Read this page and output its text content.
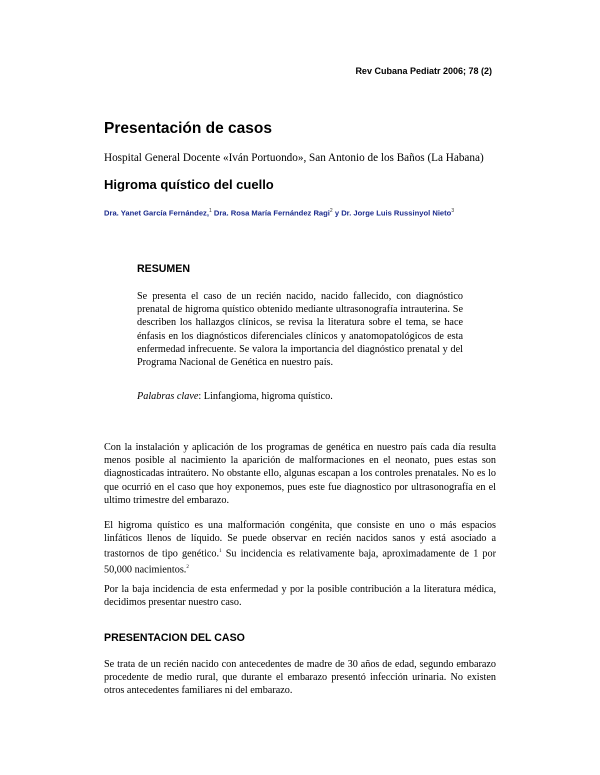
Rev Cubana Pediatr 2006; 78 (2)
Presentación de casos
Hospital General Docente «Iván Portuondo», San Antonio de los Baños (La Habana)
Higroma quístico del cuello
Dra. Yanet García Fernández,$^1$ Dra. Rosa María Fernández Ragi$^2$ y Dr. Jorge Luis Russinyol Nieto$^3$
RESUMEN

Se presenta el caso de un recién nacido, nacido fallecido, con diagnóstico prenatal de higroma quístico obtenido mediante ultrasonografía intrauterina. Se describen los hallazgos clínicos, se revisa la literatura sobre el tema, se hace énfasis en los diagnósticos diferenciales clínicos y anatomopatológicos de esta enfermedad infrecuente. Se valora la importancia del diagnóstico prenatal y del Programa Nacional de Genética en nuestro país.

Palabras clave: Linfangioma, higroma quístico.

Con la instalación y aplicación de los programas de genética en nuestro país cada día resulta menos posible al nacimiento la aparición de malformaciones en el neonato, pues estas son diagnosticadas intraútero. No obstante ello, algunas escapan a los controles prenatales. No es lo que ocurrió en el caso que hoy exponemos, pues este fue diagnostico por ultrasonografía en el ultimo trimestre del embarazo.

El higroma quístico es una malformación congénita, que consiste en uno o más espacios linfáticos llenos de líquido. Se puede observar en recién nacidos sanos y está asociado a trastornos de tipo genético.$^1$ Su incidencia es relativamente baja, aproximadamente de 1 por 50,000 nacimientos.$^2$

Por la baja incidencia de esta enfermedad y por la posible contribución a la literatura médica, decidimos presentar nuestro caso.

PRESENTACION DEL CASO

Se trata de un recién nacido con antecedentes de madre de 30 años de edad, segundo embarazo procedente de medio rural, que durante el embarazo presentó infección urinaria. No existen otros antecedentes familiares ni del embarazo.
